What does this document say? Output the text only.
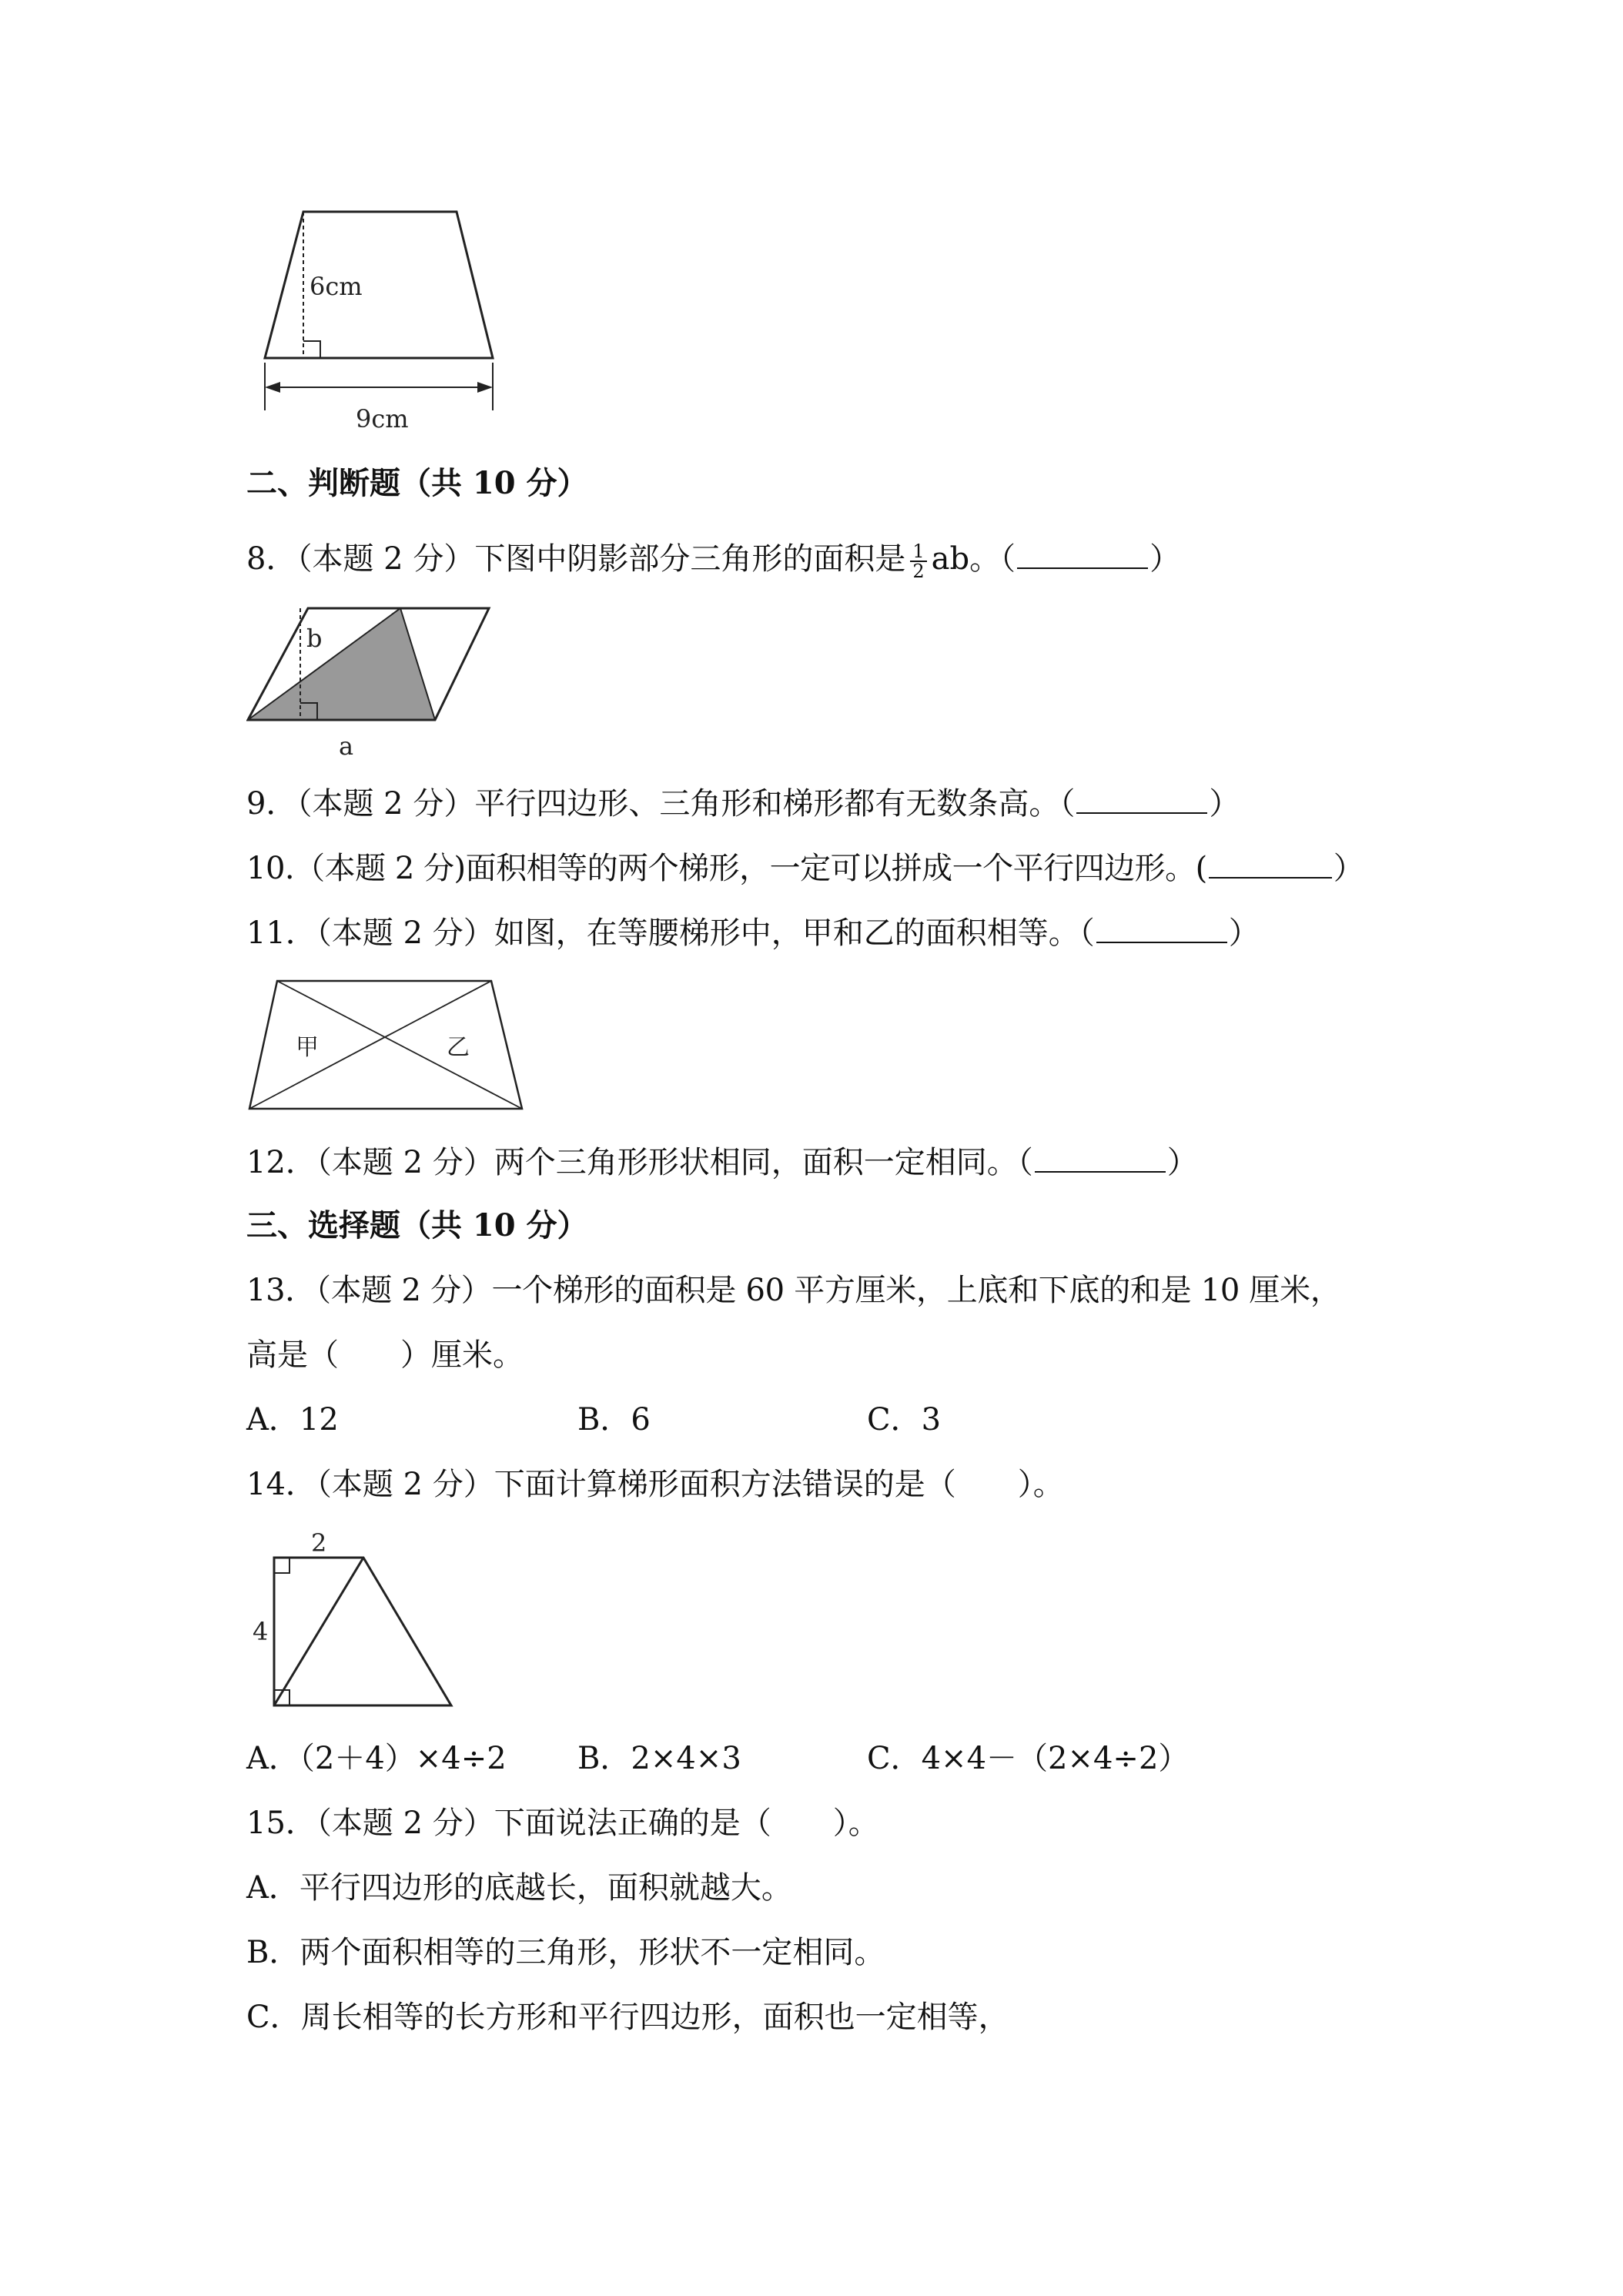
6cm
9cm
二、判断题（共 10 分）
8．（本题 2 分）下图中阴影部分三角形的面积是 $\frac{1}{2}$ ab。（	）
b
a
9．（本题 2 分）平行四边形、三角形和梯形都有无数条高。（	）
10.（本题 2 分)面积相等的两个梯形，一定可以拼成一个平行四边形。(	）
11．（本题 2 分）如图，在等腰梯形中，甲和乙的面积相等。（	）
甲	乙
12．（本题 2 分）两个三角形形状相同，面积一定相同。（	）
三、选择题（共 10 分）
13．（本题 2 分）一个梯形的面积是 60 平方厘米，上底和下底的和是 10 厘米，
高是（　　）厘米。
A．12	B．6	C．3
14．（本题 2 分）下面计算梯形面积方法错误的是（　　）。
2
4
A．（2＋4）×4÷2 B．2×4×3	C．4×4－（2×4÷2）
15．（本题 2 分）下面说法正确的是（　　）。
A．平行四边形的底越长，面积就越大。
B．两个面积相等的三角形，形状不一定相同。
C．周长相等的长方形和平行四边形，面积也一定相等，
